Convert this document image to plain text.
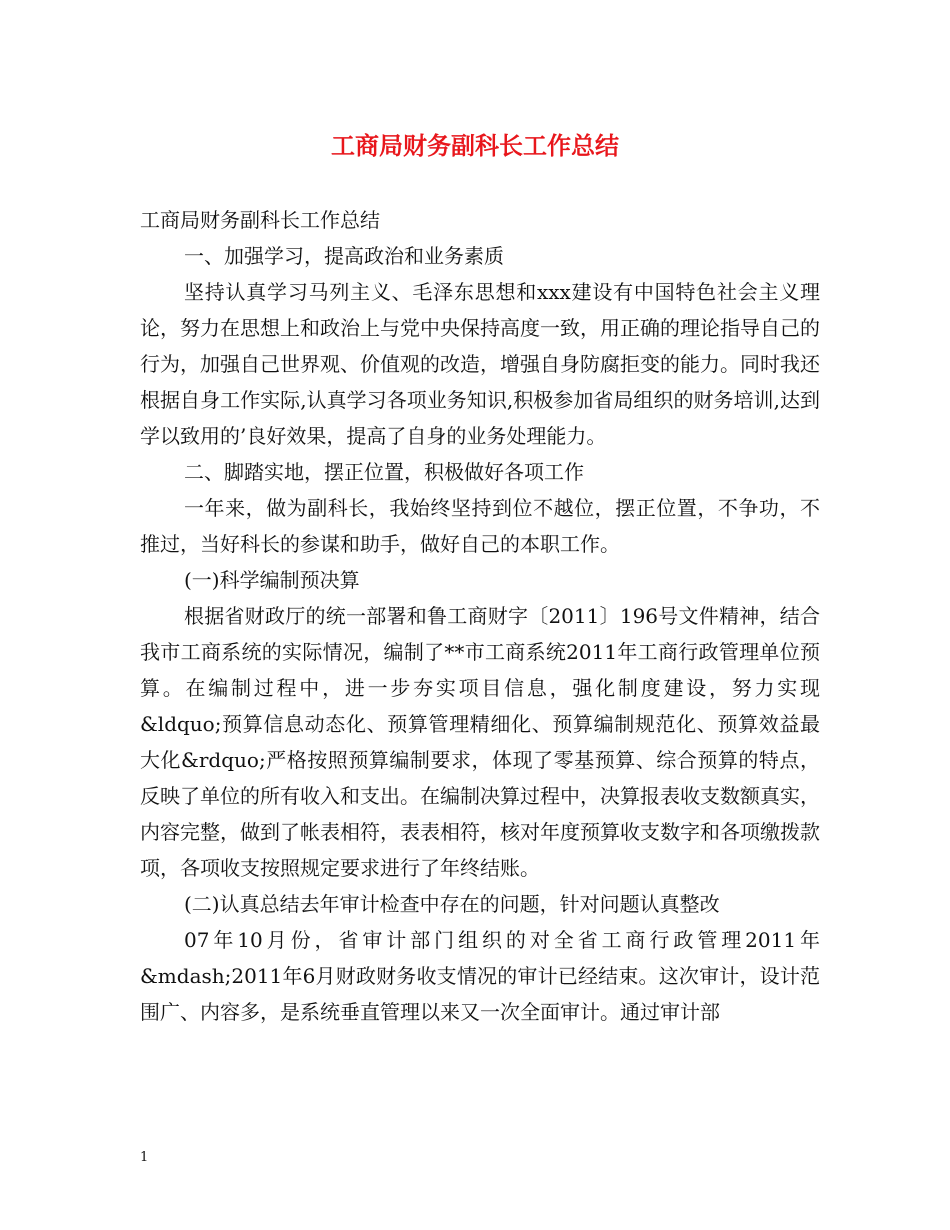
工商局财务副科长工作总结

工商局财务副科长工作总结

一、加强学习，提高政治和业务素质

坚持认真学习马列主义、毛泽东思想和xxx建设有中国特色社会主义理论，努力在思想上和政治上与党中央保持高度一致，用正确的理论指导自己的行为，加强自己世界观、价值观的改造，增强自身防腐拒变的能力。同时我还根据自身工作实际,认真学习各项业务知识,积极参加省局组织的财务培训,达到学以致用的’良好效果，提高了自身的业务处理能力。

二、脚踏实地，摆正位置，积极做好各项工作

一年来，做为副科长，我始终坚持到位不越位，摆正位置，不争功，不推过，当好科长的参谋和助手，做好自己的本职工作。

(一)科学编制预决算

根据省财政厅的统一部署和鲁工商财字〔2011〕196号文件精神，结合我市工商系统的实际情况，编制了**市工商系统2011年工商行政管理单位预算。在编制过程中，进一步夯实项目信息，强化制度建设，努力实现&ldquo;预算信息动态化、预算管理精细化、预算编制规范化、预算效益最大化&rdquo;严格按照预算编制要求，体现了零基预算、综合预算的特点，反映了单位的所有收入和支出。在编制决算过程中，决算报表收支数额真实，内容完整，做到了帐表相符，表表相符，核对年度预算收支数字和各项缴拨款项，各项收支按照规定要求进行了年终结账。

(二)认真总结去年审计检查中存在的问题，针对问题认真整改

07年10月份，省审计部门组织的对全省工商行政管理2011年&mdash;2011年6月财政财务收支情况的审计已经结束。这次审计，设计范围广、内容多，是系统垂直管理以来又一次全面审计。通过审计部

1
